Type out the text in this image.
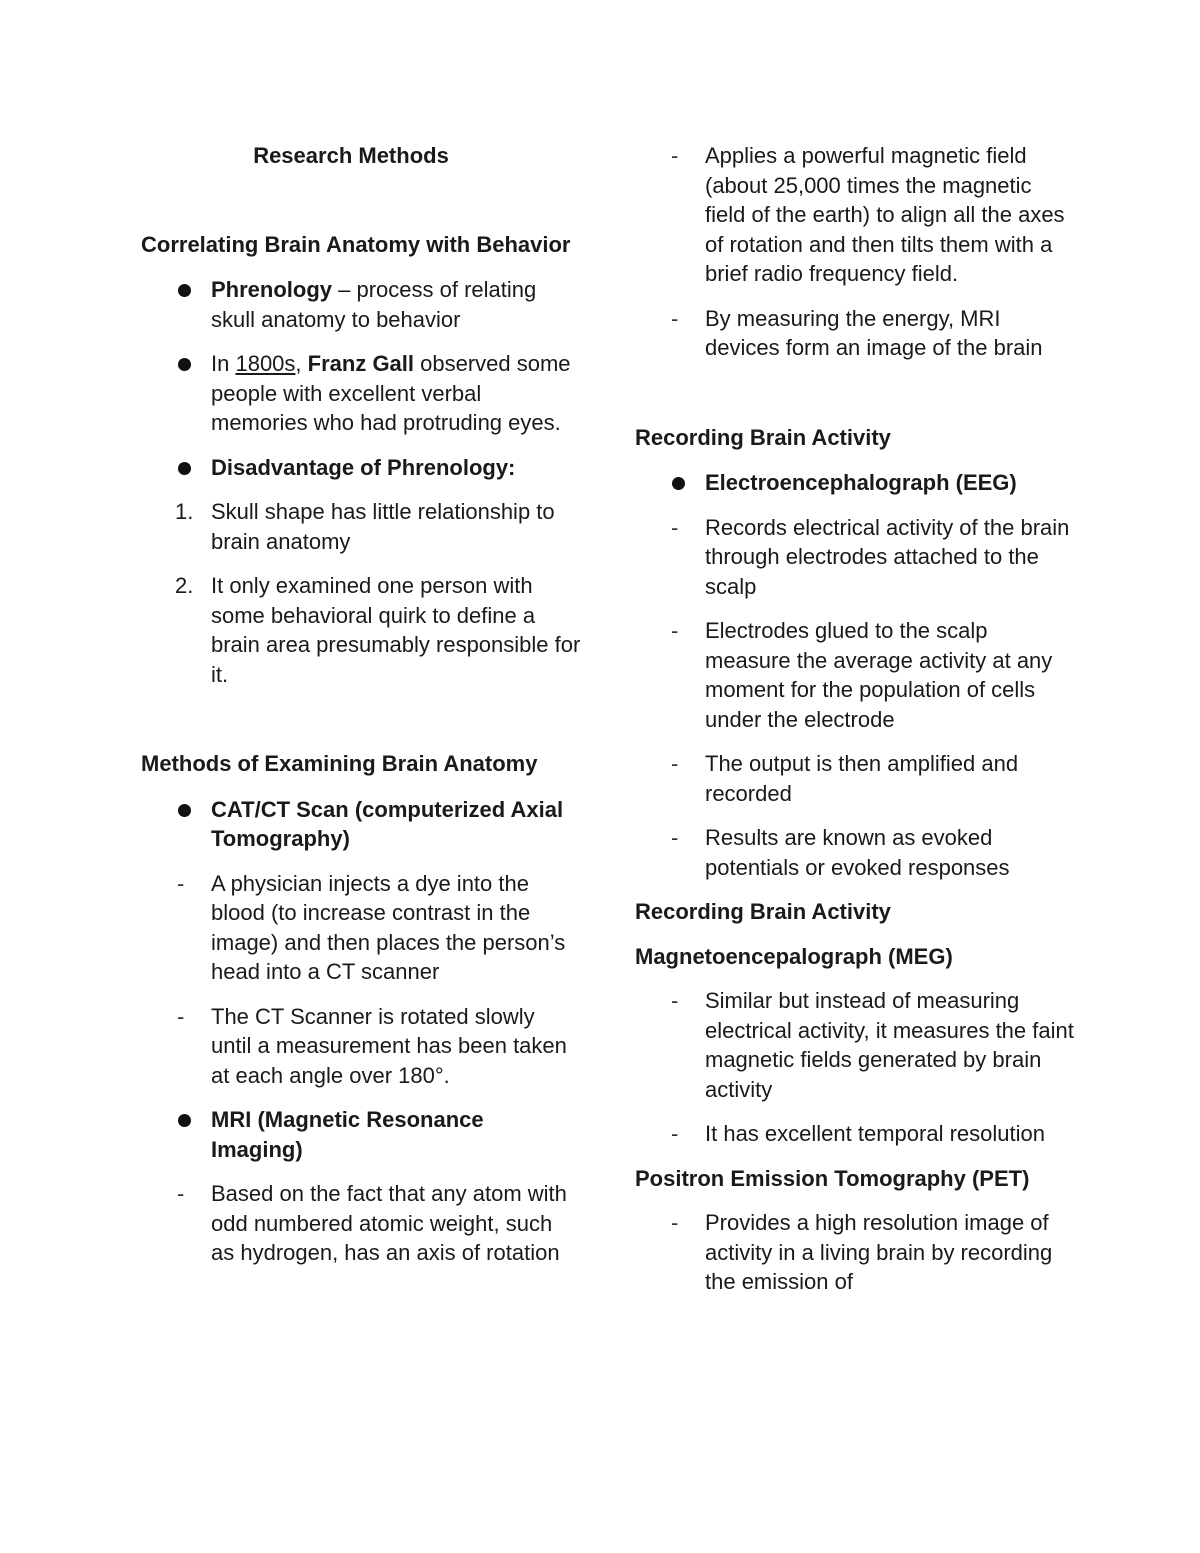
Research Methods

Correlating Brain Anatomy with Behavior

Phrenology – process of relating skull anatomy to behavior

In 1800s, Franz Gall observed some people with excellent verbal memories who had protruding eyes.

Disadvantage of Phrenology:

1. Skull shape has little relationship to brain anatomy

2. It only examined one person with some behavioral quirk to define a brain area presumably responsible for it.

Methods of Examining Brain Anatomy

CAT/CT Scan (computerized Axial Tomography)

-	A physician injects a dye into the blood (to increase contrast in the image) and then places the person’s head into a CT scanner

-	The CT Scanner is rotated slowly until a measurement has been taken at each angle over 180°.

MRI (Magnetic Resonance Imaging)

-	Based on the fact that any atom with odd numbered atomic weight, such as hydrogen, has an axis of rotation

-	Applies a powerful magnetic field (about 25,000 times the magnetic field of the earth) to align all the axes of rotation and then tilts them with a brief radio frequency field.

-	By measuring the energy, MRI devices form an image of the brain

Recording Brain Activity

Electroencephalograph (EEG)

-	Records electrical activity of the brain through electrodes attached to the scalp

-	Electrodes glued to the scalp measure the average activity at any moment for the population of cells under the electrode

-	The output is then amplified and recorded

-	Results are known as evoked potentials or evoked responses

Recording Brain Activity

Magnetoencepalograph (MEG)

-	Similar but instead of measuring electrical activity, it measures the faint magnetic fields generated by brain activity

-	It has excellent temporal resolution

Positron Emission Tomography (PET)

-	Provides a high resolution image of activity in a living brain by recording the emission of
